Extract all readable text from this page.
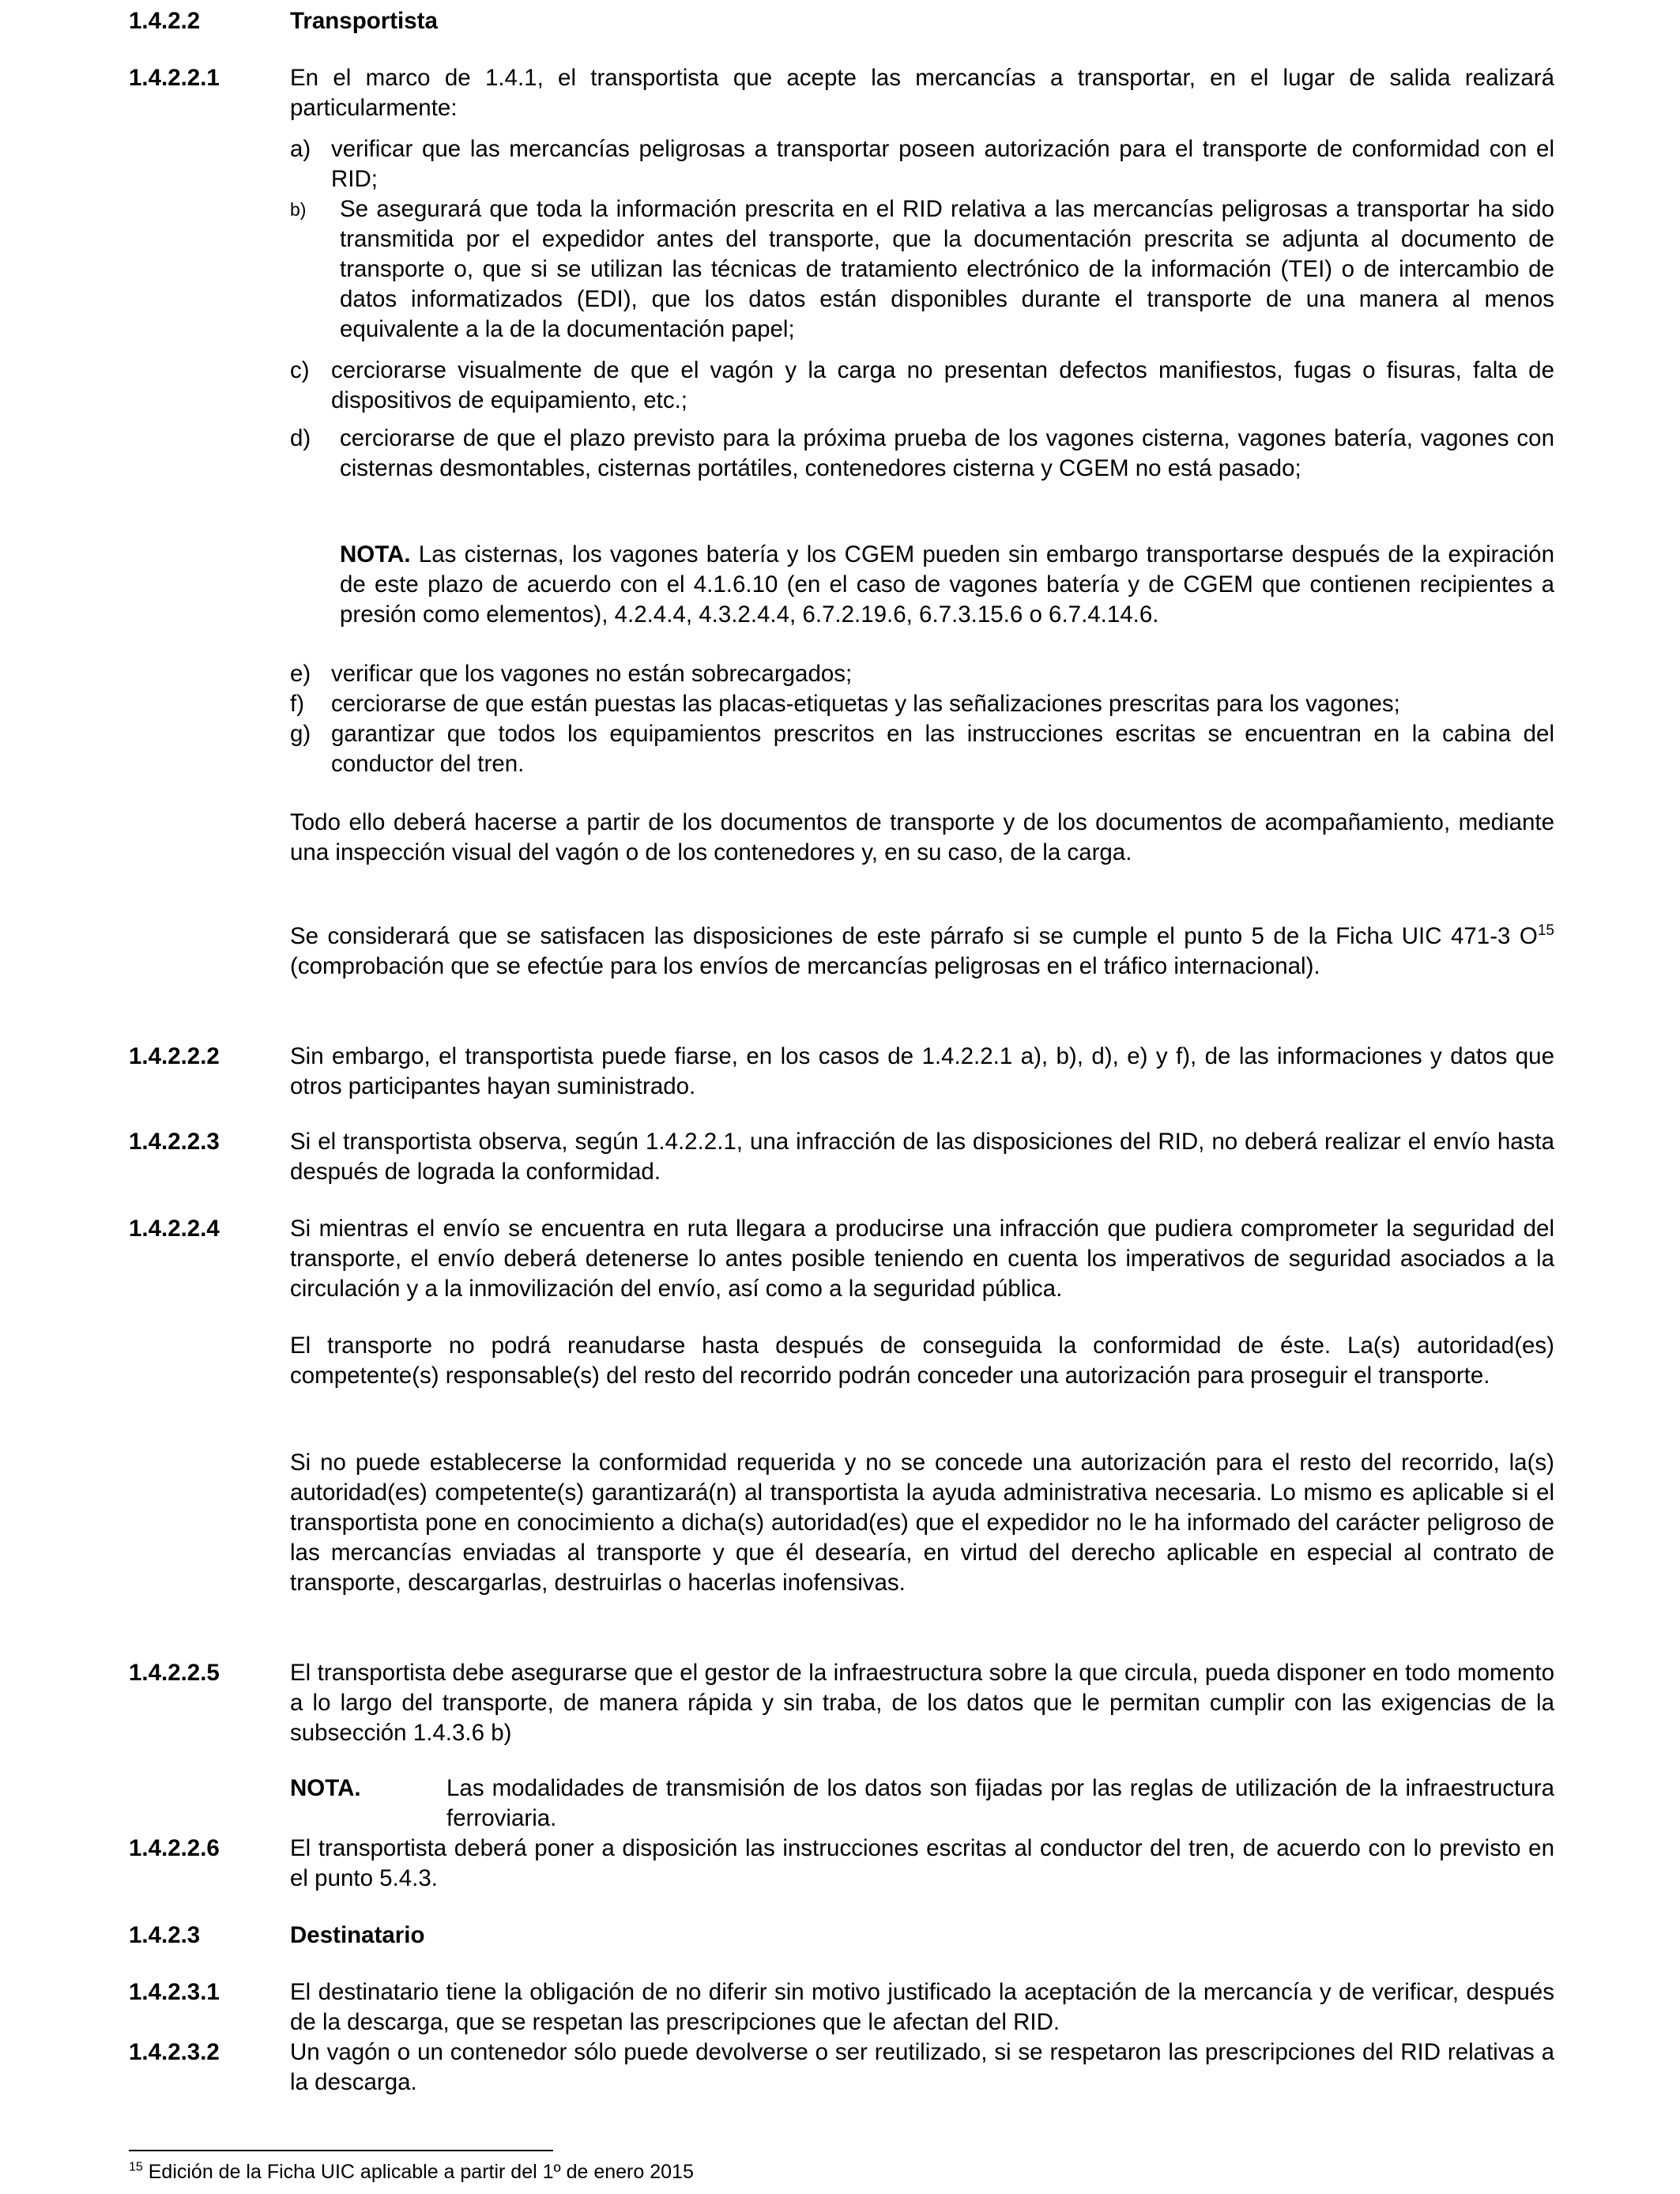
1.4.2.2	Transportista
1.4.2.2.1	En el marco de 1.4.1, el transportista que acepte las mercancías a transportar, en el lugar de salida realizará particularmente:
a) verificar que las mercancías peligrosas a transportar poseen autorización para el transporte de conformidad con el RID;
b) Se asegurará que toda la información prescrita en el RID relativa a las mercancías peligrosas a transportar ha sido transmitida por el expedidor antes del transporte, que la documentación prescrita se adjunta al documento de transporte o, que si se utilizan las técnicas de tratamiento electrónico de la información (TEI) o de intercambio de datos informatizados (EDI), que los datos están disponibles durante el transporte de una manera al menos equivalente a la de la documentación papel;
c) cerciorarse visualmente de que el vagón y la carga no presentan defectos manifiestos, fugas o fisuras, falta de dispositivos de equipamiento, etc.;
d) cerciorarse de que el plazo previsto para la próxima prueba de los vagones cisterna, vagones batería, vagones con cisternas desmontables, cisternas portátiles, contenedores cisterna y CGEM no está pasado;
NOTA. Las cisternas, los vagones batería y los CGEM pueden sin embargo transportarse después de la expiración de este plazo de acuerdo con el 4.1.6.10 (en el caso de vagones batería y de CGEM que contienen recipientes a presión como elementos), 4.2.4.4, 4.3.2.4.4, 6.7.2.19.6, 6.7.3.15.6 o 6.7.4.14.6.
e) verificar que los vagones no están sobrecargados;
f) cerciorarse de que están puestas las placas-etiquetas y las señalizaciones prescritas para los vagones;
g) garantizar que todos los equipamientos prescritos en las instrucciones escritas se encuentran en la cabina del conductor del tren.
Todo ello deberá hacerse a partir de los documentos de transporte y de los documentos de acompañamiento, mediante una inspección visual del vagón o de los contenedores y, en su caso, de la carga.
Se considerará que se satisfacen las disposiciones de este párrafo si se cumple el punto 5 de la Ficha UIC 471-3 $O^{15}$ (comprobación que se efectúe para los envíos de mercancías peligrosas en el tráfico internacional).
1.4.2.2.2	Sin embargo, el transportista puede fiarse, en los casos de 1.4.2.2.1 a), b), d), e) y f), de las informaciones y datos que otros participantes hayan suministrado.
1.4.2.2.3	Si el transportista observa, según 1.4.2.2.1, una infracción de las disposiciones del RID, no deberá realizar el envío hasta después de lograda la conformidad.
1.4.2.2.4	Si mientras el envío se encuentra en ruta llegara a producirse una infracción que pudiera comprometer la seguridad del transporte, el envío deberá detenerse lo antes posible teniendo en cuenta los imperativos de seguridad asociados a la circulación y a la inmovilización del envío, así como a la seguridad pública.
El transporte no podrá reanudarse hasta después de conseguida la conformidad de éste. La(s) autoridad(es) competente(s) responsable(s) del resto del recorrido podrán conceder una autorización para proseguir el transporte.
Si no puede establecerse la conformidad requerida y no se concede una autorización para el resto del recorrido, la(s) autoridad(es) competente(s) garantizará(n) al transportista la ayuda administrativa necesaria. Lo mismo es aplicable si el transportista pone en conocimiento a dicha(s) autoridad(es) que el expedidor no le ha informado del carácter peligroso de las mercancías enviadas al transporte y que él desearía, en virtud del derecho aplicable en especial al contrato de transporte, descargarlas, destruirlas o hacerlas inofensivas.
1.4.2.2.5	El transportista debe asegurarse que el gestor de la infraestructura sobre la que circula, pueda disponer en todo momento a lo largo del transporte, de manera rápida y sin traba, de los datos que le permitan cumplir con las exigencias de la subsección 1.4.3.6 b)
NOTA.	Las modalidades de transmisión de los datos son fijadas por las reglas de utilización de la infraestructura ferroviaria.
1.4.2.2.6	El transportista deberá poner a disposición las instrucciones escritas al conductor del tren, de acuerdo con lo previsto en el punto 5.4.3.
1.4.2.3	Destinatario
1.4.2.3.1	El destinatario tiene la obligación de no diferir sin motivo justificado la aceptación de la mercancía y de verificar, después de la descarga, que se respetan las prescripciones que le afectan del RID.
1.4.2.3.2	Un vagón o un contenedor sólo puede devolverse o ser reutilizado, si se respetaron las prescripciones del RID relativas a la descarga.
$^{15}$ Edición de la Ficha UIC aplicable a partir del 1º de enero 2015
